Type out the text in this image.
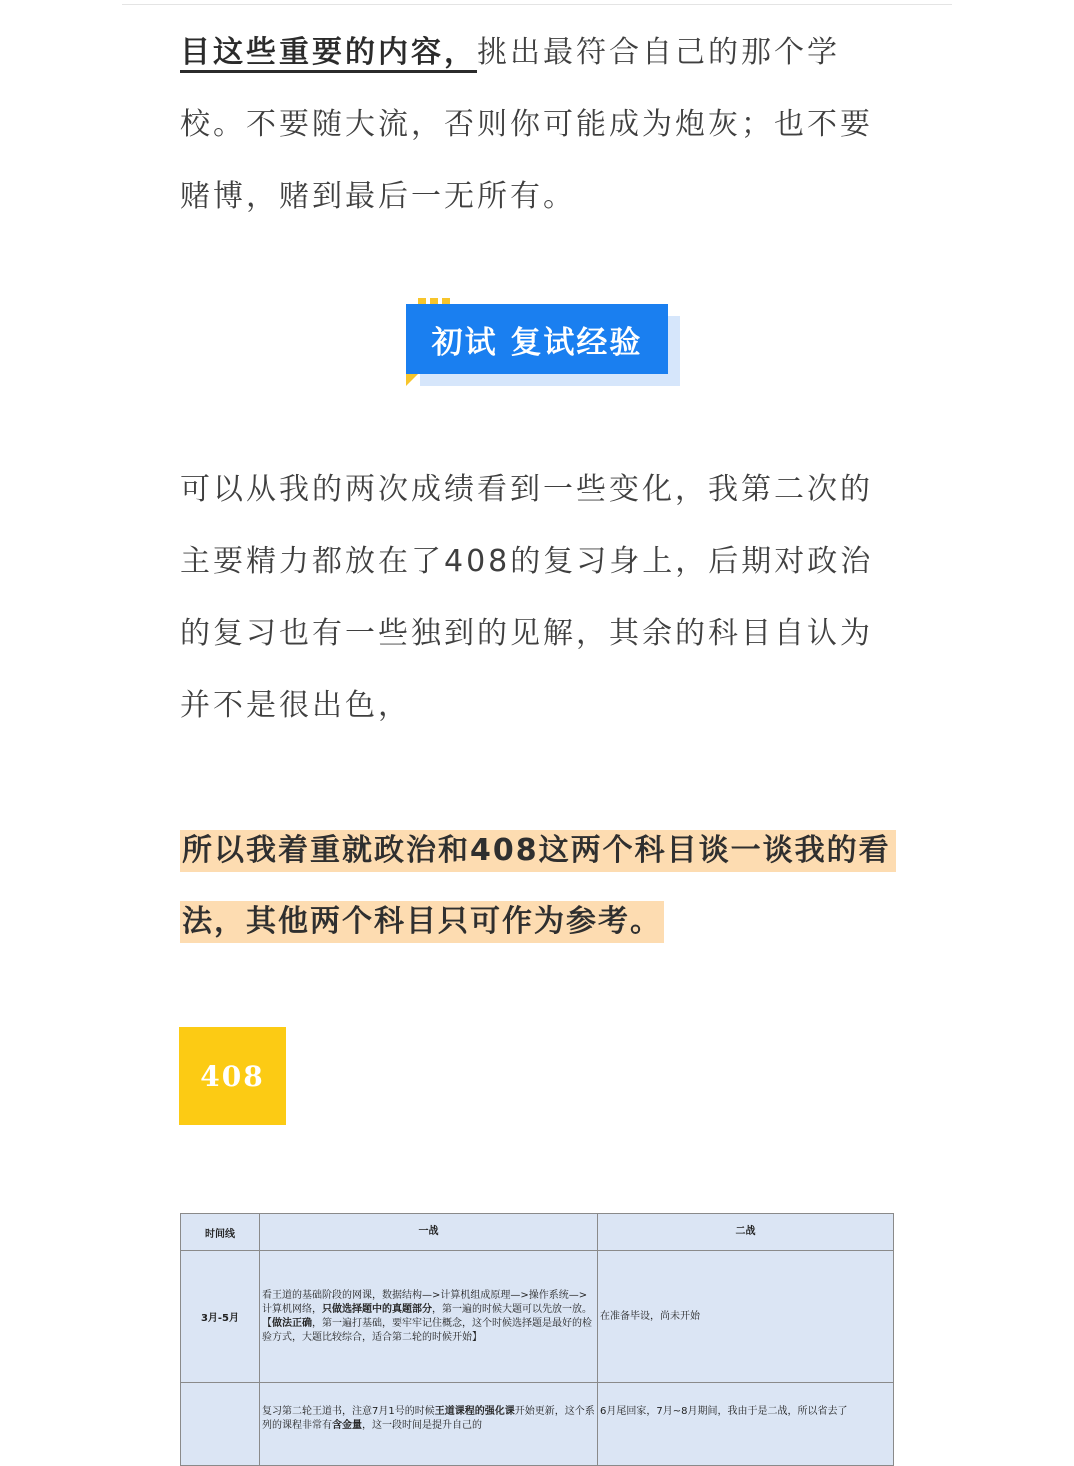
目这些重要的内容，挑出最符合自己的那个学校。不要随大流，否则你可能成为炮灰；也不要赌博，赌到最后一无所有。
初试 复试经验
可以从我的两次成绩看到一些变化，我第二次的主要精力都放在了408的复习身上，后期对政治的复习也有一些独到的见解，其余的科目自认为并不是很出色，
所以我着重就政治和408这两个科目谈一谈我的看
法，其他两个科目只可作为参考。
408
时间线	一战	二战
3月-5月	看王道的基础阶段的网课，数据结构—>计算机组成原理—>操作系统—>计算机网络，只做选择题中的真题部分，第一遍的时候大题可以先放一放。【做法正确，第一遍打基础，要牢牢记住概念，这个时候选择题是最好的检验方式，大题比较综合，适合第二轮的时候开始】	在准备毕设，尚未开始
	复习第二轮王道书，注意7月1号的时候王道课程的强化课开始更新，这个系列的课程非常有含金量，这一段时间是提升自己的	6月尾回家，7月~8月期间，我由于是二战，所以省去了
